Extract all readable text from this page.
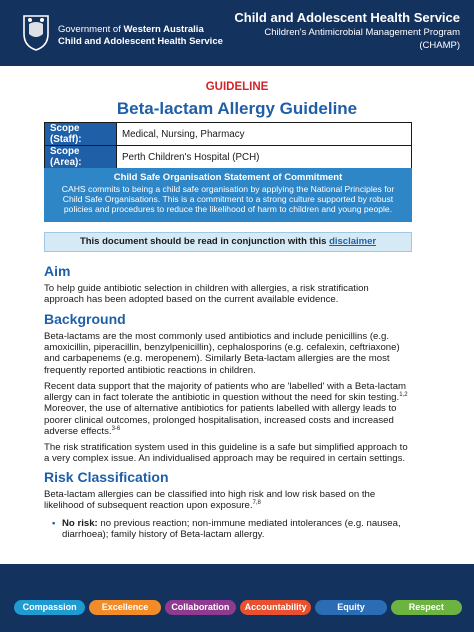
Government of Western Australia
Child and Adolescent Health Service
Child and Adolescent Health Service
Children's Antimicrobial Management Program
(CHAMP)
GUIDELINE
Beta-lactam Allergy Guideline
Scope (Staff):	Medical, Nursing, Pharmacy
Scope (Area):	Perth Children's Hospital (PCH)
Child Safe Organisation Statement of Commitment
CAHS commits to being a child safe organisation by applying the National Principles for
Child Safe Organisations. This is a commitment to a strong culture supported by robust
policies and procedures to reduce the likelihood of harm to children and young people.
This document should be read in conjunction with this disclaimer
Aim
To help guide antibiotic selection in children with allergies, a risk stratification
approach has been adopted based on the current available evidence.
Background
Beta-lactams are the most commonly used antibiotics and include penicillins (e.g.
amoxicillin, piperacillin, benzylpenicillin), cephalosporins (e.g. cefalexin, ceftriaxone)
and carbapenems (e.g. meropenem). Similarly Beta-lactam allergies are the most
frequently reported antibiotic reactions in children.
Recent data support that the majority of patients who are 'labelled' with a Beta-lactam
allergy can in fact tolerate the antibiotic in question without the need for skin testing.$^{1,2}$
Moreover, the use of alternative antibiotics for patients labelled with allergy leads to
poorer clinical outcomes, prolonged hospitalisation, increased costs and increased
adverse effects.$^{3-6}$
The risk stratification system used in this guideline is a safe but simplified approach to
a very complex issue. An individualised approach may be required in certain settings.
Risk Classification
Beta-lactam allergies can be classified into high risk and low risk based on the
likelihood of subsequent reaction upon exposure.$^{7,8}$
• No risk: no previous reaction; non-immune mediated intolerances (e.g. nausea,
diarrhoea); family history of Beta-lactam allergy.
Compassion	Excellence	Collaboration	Accountability	Equity	Respect
